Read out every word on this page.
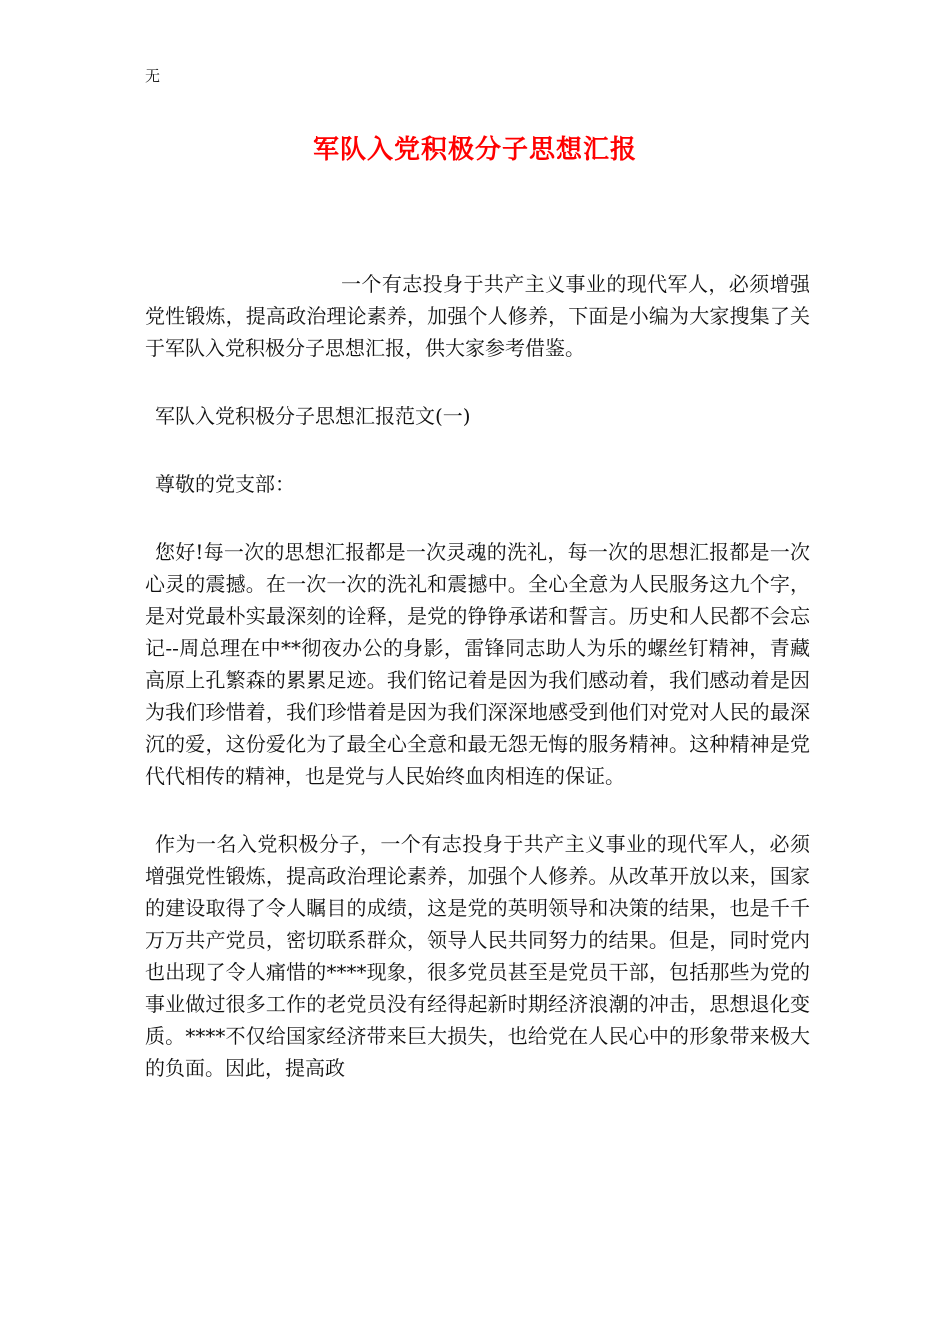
无
军队入党积极分子思想汇报

一个有志投身于共产主义事业的现代军人，必须增强党性锻炼，提高政治理论素养，加强个人修养，下面是小编为大家搜集了关于军队入党积极分子思想汇报，供大家参考借鉴。

军队入党积极分子思想汇报范文(一)

尊敬的党支部：

您好!每一次的思想汇报都是一次灵魂的洗礼，每一次的思想汇报都是一次心灵的震撼。在一次一次的洗礼和震撼中。全心全意为人民服务这九个字，是对党最朴实最深刻的诠释，是党的铮铮承诺和誓言。历史和人民都不会忘记--周总理在中**彻夜办公的身影，雷锋同志助人为乐的螺丝钉精神，青藏高原上孔繁森的累累足迹。我们铭记着是因为我们感动着，我们感动着是因为我们珍惜着，我们珍惜着是因为我们深深地感受到他们对党对人民的最深沉的爱，这份爱化为了最全心全意和最无怨无悔的服务精神。这种精神是党代代相传的精神，也是党与人民始终血肉相连的保证。

作为一名入党积极分子，一个有志投身于共产主义事业的现代军人，必须增强党性锻炼，提高政治理论素养，加强个人修养。从改革开放以来，国家的建设取得了令人瞩目的成绩，这是党的英明领导和决策的结果，也是千千万万共产党员，密切联系群众，领导人民共同努力的结果。但是，同时党内也出现了令人痛惜的****现象，很多党员甚至是党员干部，包括那些为党的事业做过很多工作的老党员没有经得起新时期经济浪潮的冲击，思想退化变质。****不仅给国家经济带来巨大损失，也给党在人民心中的形象带来极大的负面。因此，提高政
